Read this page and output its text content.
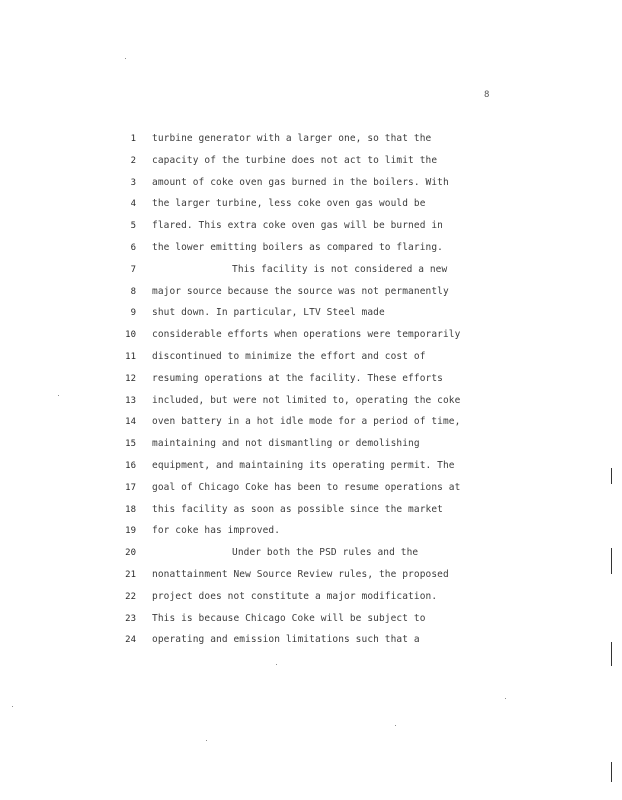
8
1 turbine generator with a larger one, so that the
2 capacity of the turbine does not act to limit the
3 amount of coke oven gas burned in the boilers. With
4 the larger turbine, less coke oven gas would be
5 flared. This extra coke oven gas will be burned in
6 the lower emitting boilers as compared to flaring.
7	This facility is not considered a new
8 major source because the source was not permanently
9 shut down. In particular, LTV Steel made
10 considerable efforts when operations were temporarily
11 discontinued to minimize the effort and cost of
12 resuming operations at the facility. These efforts
13 included, but were not limited to, operating the coke
14 oven battery in a hot idle mode for a period of time,
15 maintaining and not dismantling or demolishing
16 equipment, and maintaining its operating permit. The
17 goal of Chicago Coke has been to resume operations at
18 this facility as soon as possible since the market
19 for coke has improved.
20	Under both the PSD rules and the
21 nonattainment New Source Review rules, the proposed
22 project does not constitute a major modification.
23 This is because Chicago Coke will be subject to
24 operating and emission limitations such that a
